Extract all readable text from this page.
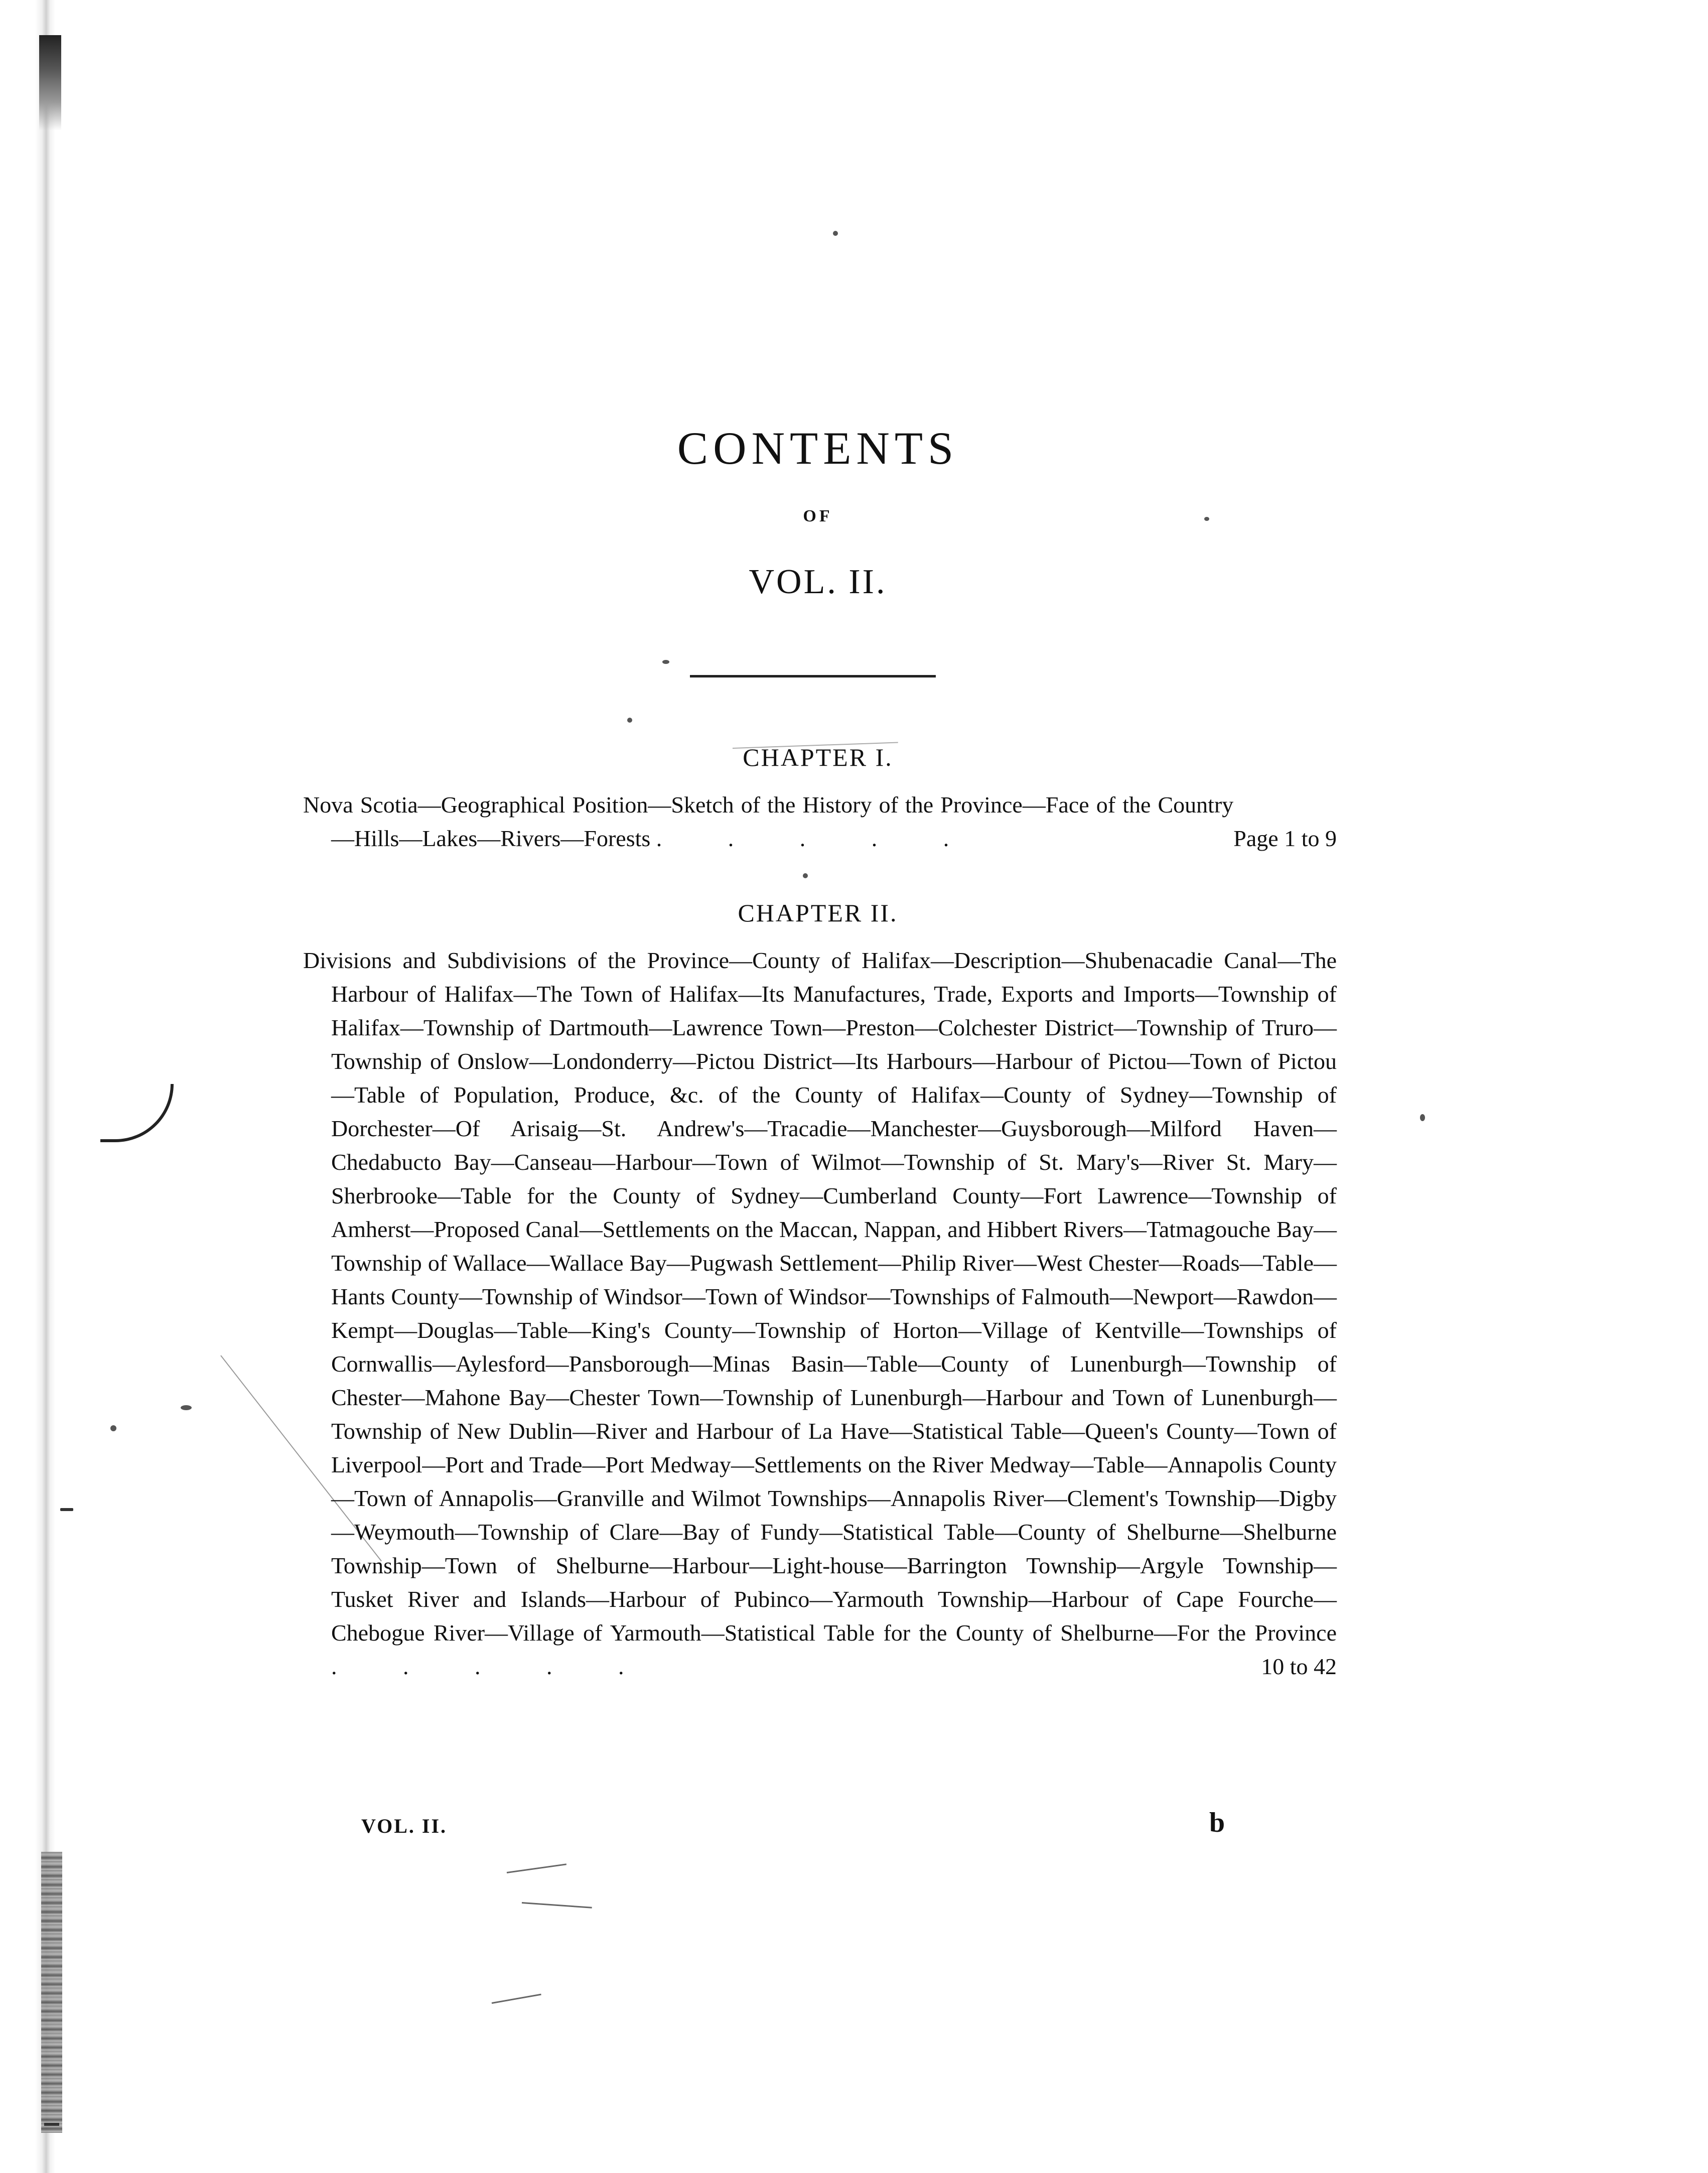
CONTENTS
OF
VOL. II.
CHAPTER I.
Page 1 to 9
Nova Scotia—Geographical Position—Sketch of the History of the Province—Face of the Country—Hills—Lakes—Rivers—Forests . . . . .
CHAPTER II.
Divisions and Subdivisions of the Province—County of Halifax—Description—Shubenacadie Canal—The Harbour of Halifax—The Town of Halifax—Its Manufactures, Trade, Exports and Imports—Township of Halifax—Township of Dartmouth—Lawrence Town—Preston—Colchester District—Township of Truro—Township of Onslow—Londonderry—Pictou District—Its Harbours—Harbour of Pictou—Town of Pictou—Table of Population, Produce, &c. of the County of Halifax—County of Sydney—Township of Dorchester—Of Arisaig—St. Andrew's—Tracadie—Manchester—Guysborough—Milford Haven—Chedabucto Bay—Canseau—Harbour—Town of Wilmot—Township of St. Mary's—River St. Mary—Sherbrooke—Table for the County of Sydney—Cumberland County—Fort Lawrence—Township of Amherst—Proposed Canal—Settlements on the Maccan, Nappan, and Hibbert Rivers—Tatmagouche Bay—Township of Wallace—Wallace Bay—Pugwash Settlement—Philip River—West Chester—Roads—Table—Hants County—Township of Windsor—Town of Windsor—Townships of Falmouth—Newport—Rawdon—Kempt—Douglas—Table—King's County—Township of Horton—Village of Kentville—Townships of Cornwallis—Aylesford—Pansborough—Minas Basin—Table—County of Lunenburgh—Township of Chester—Mahone Bay—Chester Town—Township of Lunenburgh—Harbour and Town of Lunenburgh—Township of New Dublin—River and Harbour of La Have—Statistical Table—Queen's County—Town of Liverpool—Port and Trade—Port Medway—Settlements on the River Medway—Table—Annapolis County—Town of Annapolis—Granville and Wilmot Townships—Annapolis River—Clement's Township—Digby—Weymouth—Township of Clare—Bay of Fundy—Statistical Table—County of Shelburne—Shelburne Township—Town of Shelburne—Harbour—Light-house—Barrington Township—Argyle Township—Tusket River and Islands—Harbour of Pubinco—Yarmouth Township—Harbour of Cape Fourche—Chebogue River—Village of Yarmouth—Statistical Table for the County of Shelburne—For the Province . . . . .	10 to 42
VOL. II.	b
